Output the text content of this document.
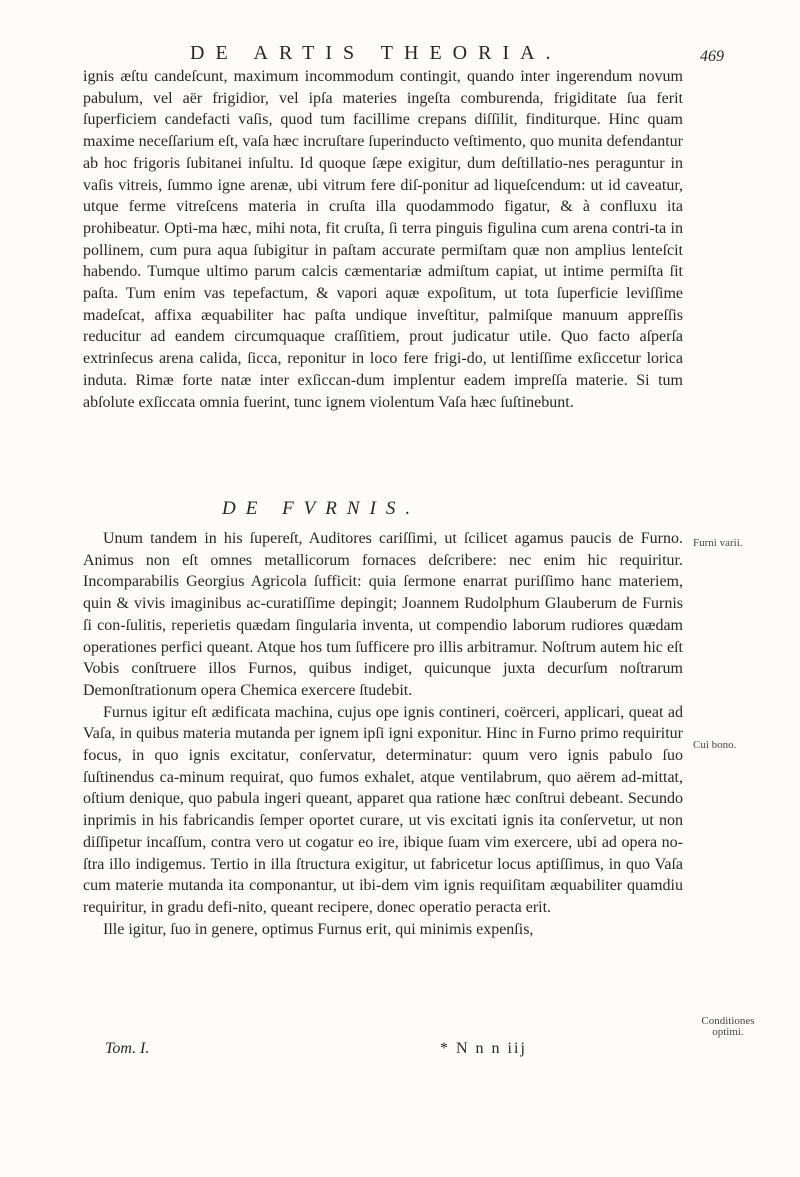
DE ARTIS THEORIA.	469

ignis æſtu candeſcunt, maximum incommodum contingit, quando inter ingerendum novum pabulum, vel aër frigidior, vel ipſa materies ingeſta comburenda, frigiditate ſua ferit ſuperficiem candefacti vaſis, quod tum facillime crepans diſſilit, finditurque. Hinc quam maxime neceſſarium eſt, vaſa hæc incruſtare ſuperinducto veſtimento, quo munita defendantur ab hoc frigoris ſubitanei inſultu. Id quoque ſæpe exigitur, dum deſtillatio-nes peraguntur in vaſis vitreis, ſummo igne arenæ, ubi vitrum fere diſ-ponitur ad liqueſcendum: ut id caveatur, utque ferme vitreſcens materia in cruſta illa quodammodo figatur, & à confluxu ita prohibeatur. Opti-ma hæc, mihi nota, fit cruſta, ſi terra pinguis figulina cum arena contri-ta in pollinem, cum pura aqua ſubigitur in paſtam accurate permiſtam quæ non amplius lenteſcit habendo. Tumque ultimo parum calcis cæmentariæ admiſtum capiat, ut intime permiſta ſit paſta. Tum enim vas tepefactum, & vapori aquæ expoſitum, ut tota ſuperficie leviſſime madeſcat, affixa æquabiliter hac paſta undique inveſtitur, palmiſque manuum appreſſis reducitur ad eandem circumquaque craſſitiem, prout judicatur utile. Quo facto aſperſa extrinſecus arena calida, ſicca, reponitur in loco fere frigi-do, ut lentiſſime exſiccetur lorica induta. Rimæ forte natæ inter exſiccan-dum implentur eadem impreſſa materie. Si tum abſolute exſiccata omnia fuerint, tunc ignem violentum Vaſa hæc ſuſtinebunt.

DE FVRNIS.

Unum tandem in his ſupereſt, Auditores cariſſimi, ut ſcilicet agamus paucis de Furno. Animus non eſt omnes metallicorum fornaces deſcribere: nec enim hic requiritur. Incomparabilis Georgius Agricola ſufficit: quia ſermone enarrat puriſſimo hanc materiem, quin & vivis imaginibus ac-curatiſſime depingit; Joannem Rudolphum Glauberum de Furnis ſi con-ſulitis, reperietis quædam ſingularia inventa, ut compendio laborum rudiores quædam operationes perfici queant. Atque hos tum ſufficere pro illis arbitramur. Noſtrum autem hic eſt Vobis conſtruere illos Furnos, quibus indiget, quicunque juxta decurſum noſtrarum Demonſtrationum opera Chemica exercere ſtudebit.

Furnus igitur eſt ædificata machina, cujus ope ignis contineri, coërceri, applicari, queat ad Vaſa, in quibus materia mutanda per ignem ipſi igni exponitur. Hinc in Furno primo requiritur focus, in quo ignis excitatur, conſervatur, determinatur: quum vero ignis pabulo ſuo ſuſtinendus ca-minum requirat, quo fumos exhalet, atque ventilabrum, quo aërem ad-mittat, oſtium denique, quo pabula ingeri queant, apparet qua ratione hæc conſtrui debeant. Secundo inprimis in his fabricandis ſemper oportet curare, ut vis excitati ignis ita conſervetur, ut non diſſipetur incaſſum, contra vero ut cogatur eo ire, ibique ſuam vim exercere, ubi ad opera no-ſtra illo indigemus. Tertio in illa ſtructura exigitur, ut fabricetur locus aptiſſimus, in quo Vaſa cum materie mutanda ita componantur, ut ibi-dem vim ignis requiſitam æquabiliter quamdiu requiritur, in gradu defi-nito, queant recipere, donec operatio peracta erit.

Ille igitur, ſuo in genere, optimus Furnus erit, qui minimis expenſis,

Furni varii.
Cui bono.
Conditiones optimi.
Tom. I.	* N n n iij
